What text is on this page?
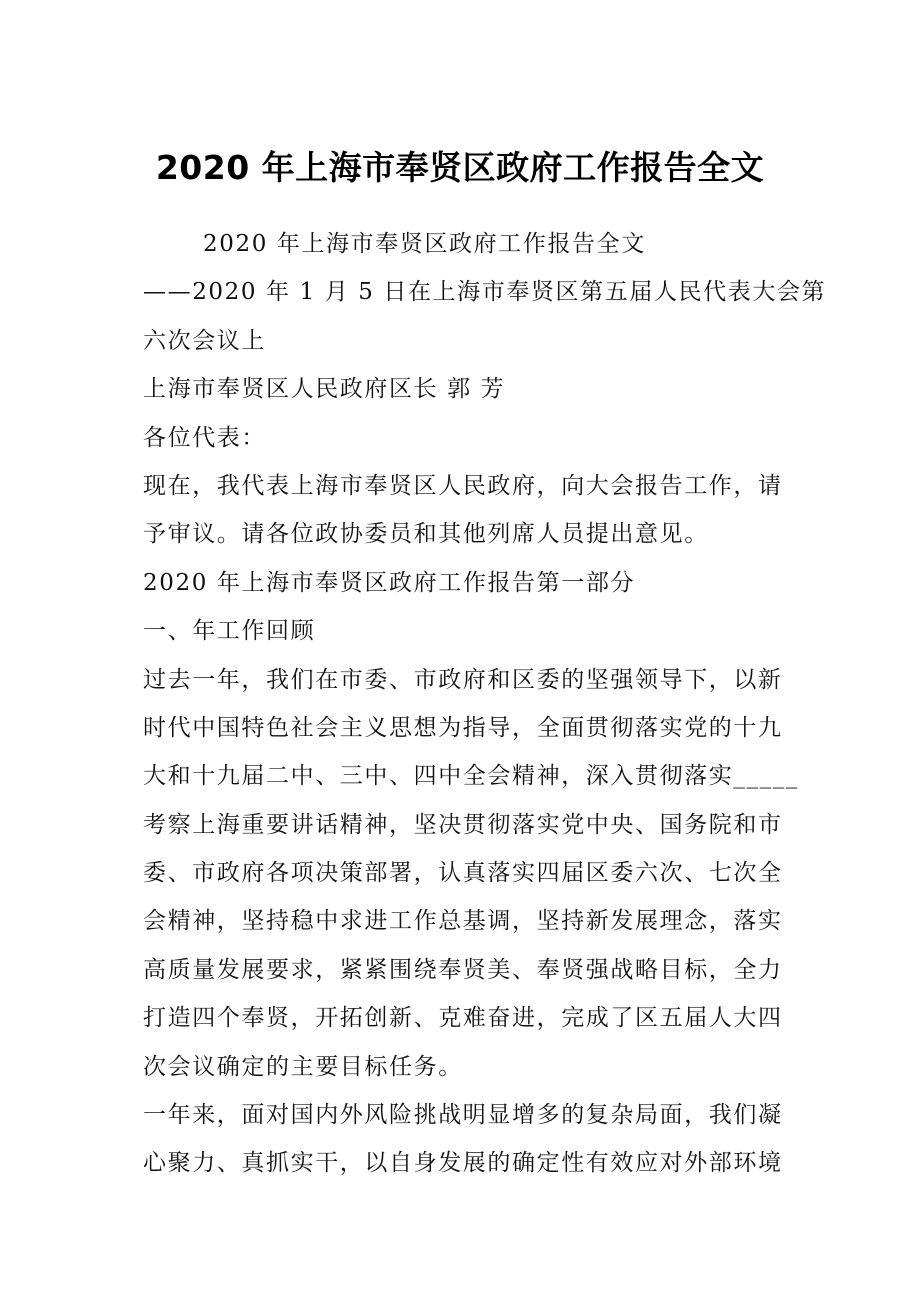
2020 年上海市奉贤区政府工作报告全文
2020 年上海市奉贤区政府工作报告全文
——2020 年 1 月 5 日在上海市奉贤区第五届人民代表大会第
六次会议上
上海市奉贤区人民政府区长 郭 芳
各位代表：
现在，我代表上海市奉贤区人民政府，向大会报告工作，请
予审议。请各位政协委员和其他列席人员提出意见。
2020 年上海市奉贤区政府工作报告第一部分
一、年工作回顾
过去一年，我们在市委、市政府和区委的坚强领导下，以新
时代中国特色社会主义思想为指导，全面贯彻落实党的十九
大和十九届二中、三中、四中全会精神，深入贯彻落实_____
考察上海重要讲话精神，坚决贯彻落实党中央、国务院和市
委、市政府各项决策部署，认真落实四届区委六次、七次全
会精神，坚持稳中求进工作总基调，坚持新发展理念，落实
高质量发展要求，紧紧围绕奉贤美、奉贤强战略目标，全力
打造四个奉贤，开拓创新、克难奋进，完成了区五届人大四
次会议确定的主要目标任务。
一年来，面对国内外风险挑战明显增多的复杂局面，我们凝
心聚力、真抓实干，以自身发展的确定性有效应对外部环境
